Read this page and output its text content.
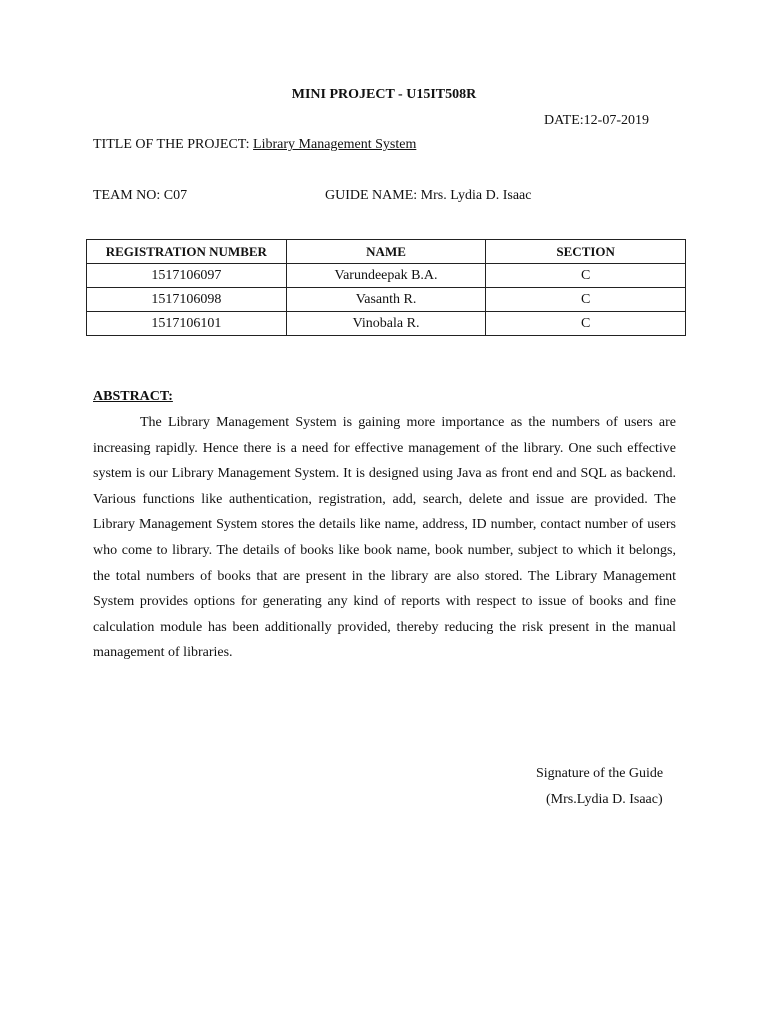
MINI PROJECT - U15IT508R
DATE:12-07-2019
TITLE OF THE PROJECT: Library Management System
TEAM NO: C07	GUIDE NAME: Mrs. Lydia D. Isaac
REGISTRATION NUMBER	NAME	SECTION
1517106097	Varundeepak B.A.	C
1517106098	Vasanth R.	C
1517106101	Vinobala R.	C
ABSTRACT:
The Library Management System is gaining more importance as the numbers of users are increasing rapidly. Hence there is a need for effective management of the library. One such effective system is our Library Management System. It is designed using Java as front end and SQL as backend. Various functions like authentication, registration, add, search, delete and issue are provided. The Library Management System stores the details like name, address, ID number, contact number of users who come to library. The details of books like book name, book number, subject to which it belongs, the total numbers of books that are present in the library are also stored. The Library Management System provides options for generating any kind of reports with respect to issue of books and fine calculation module has been additionally provided, thereby reducing the risk present in the manual management of libraries.
Signature of the Guide
(Mrs.Lydia D. Isaac)
